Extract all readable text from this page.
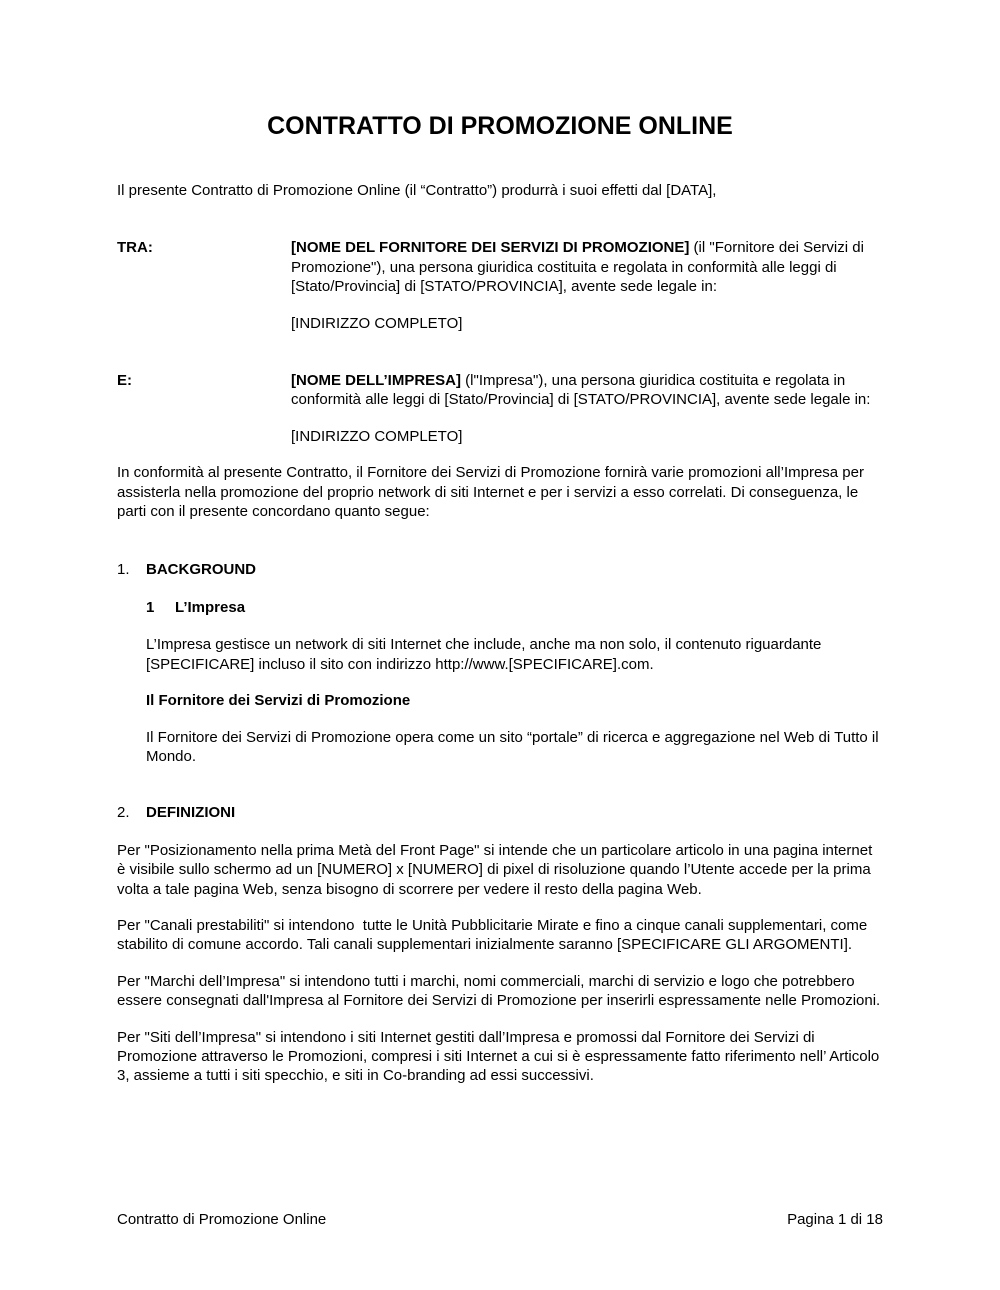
CONTRATTO DI PROMOZIONE ONLINE

Il presente Contratto di Promozione Online (il “Contratto”) produrrà i suoi effetti dal [DATA],

TRA:	[NOME DEL FORNITORE DEI SERVIZI DI PROMOZIONE] (il "Fornitore dei Servizi di Promozione"), una persona giuridica costituita e regolata in conformità alle leggi di [Stato/Provincia] di [STATO/PROVINCIA], avente sede legale in:

[INDIRIZZO COMPLETO]

E:	[NOME DELL’IMPRESA] (l"Impresa"), una persona giuridica costituita e regolata in conformità alle leggi di [Stato/Provincia] di [STATO/PROVINCIA], avente sede legale in:

[INDIRIZZO COMPLETO]

In conformità al presente Contratto, il Fornitore dei Servizi di Promozione fornirà varie promozioni all’Impresa per assisterla nella promozione del proprio network di siti Internet e per i servizi a esso correlati. Di conseguenza, le parti con il presente concordano quanto segue:

1.	BACKGROUND
1	L’Impresa

L’Impresa gestisce un network di siti Internet che include, anche ma non solo, il contenuto riguardante [SPECIFICARE] incluso il sito con indirizzo http://www.[SPECIFICARE].com.

Il Fornitore dei Servizi di Promozione

Il Fornitore dei Servizi di Promozione opera come un sito “portale” di ricerca e aggregazione nel Web di Tutto il Mondo.

2.	DEFINIZIONI

Per "Posizionamento nella prima Metà del Front Page" si intende che un particolare articolo in una pagina internet è visibile sullo schermo ad un [NUMERO] x [NUMERO] di pixel di risoluzione quando l’Utente accede per la prima volta a tale pagina Web, senza bisogno di scorrere per vedere il resto della pagina Web.

Per "Canali prestabiliti" si intendono  tutte le Unità Pubblicitarie Mirate e fino a cinque canali supplementari, come stabilito di comune accordo. Tali canali supplementari inizialmente saranno [SPECIFICARE GLI ARGOMENTI].

Per "Marchi dell’Impresa" si intendono tutti i marchi, nomi commerciali, marchi di servizio e logo che potrebbero essere consegnati dall'Impresa al Fornitore dei Servizi di Promozione per inserirli espressamente nelle Promozioni.

Per "Siti dell’Impresa" si intendono i siti Internet gestiti dall’Impresa e promossi dal Fornitore dei Servizi di Promozione attraverso le Promozioni, compresi i siti Internet a cui si è espressamente fatto riferimento nell’ Articolo 3, assieme a tutti i siti specchio, e siti in Co-branding ad essi successivi.

Contratto di Promozione Online	Pagina 1 di 18
